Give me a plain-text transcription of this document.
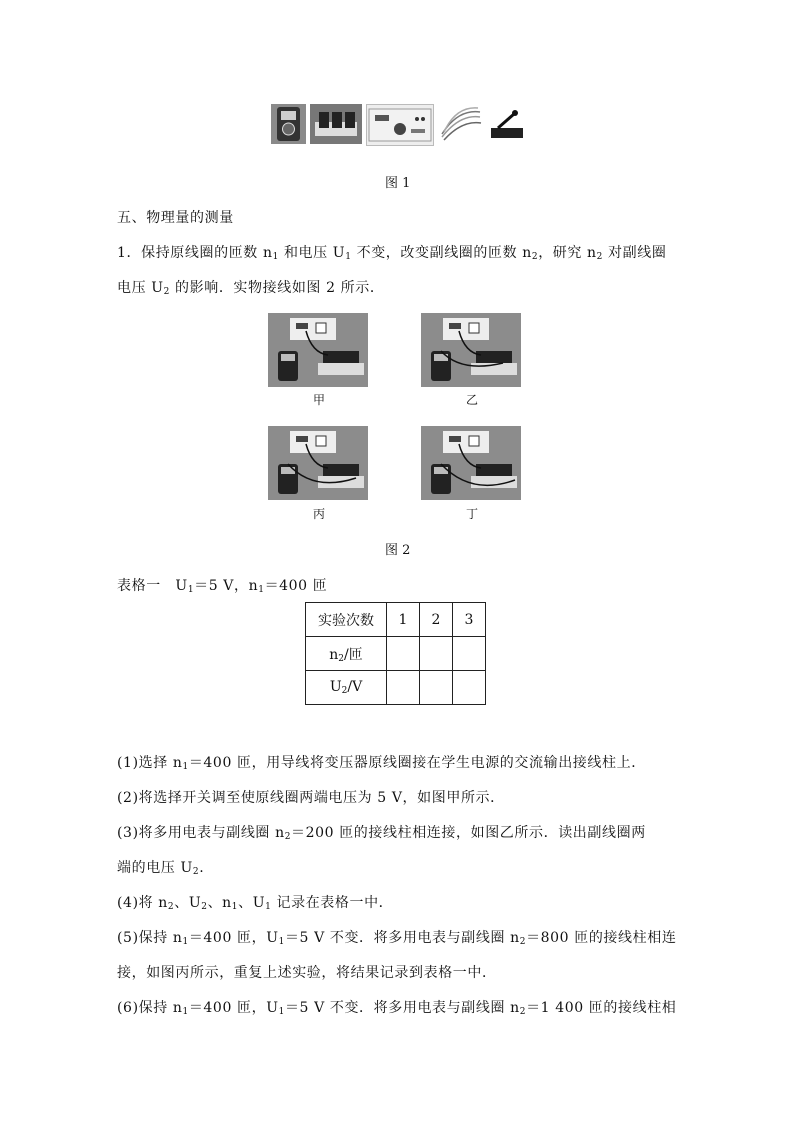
图 1
五、物理量的测量
1．保持原线圈的匝数 $n_1$ 和电压 $U_1$ 不变，改变副线圈的匝数 $n_2$，研究 $n_2$ 对副线圈
电压 $U_2$ 的影响．实物接线如图 2 所示．
甲	乙
丙	丁
图 2
表格一　$U_1=5$ V，$n_1=400$ 匝
实验次数	1	2	3
$n_2/$匝			
$U_2/V$			
(1)选择 $n_1=400$ 匝，用导线将变压器原线圈接在学生电源的交流输出接线柱上．
(2)将选择开关调至使原线圈两端电压为 5 V，如图甲所示．
(3)将多用电表与副线圈 $n_2=200$ 匝的接线柱相连接，如图乙所示．读出副线圈两
端的电压 $U_2$.
(4)将 $n_2$、$U_2$、$n_1$、$U_1$ 记录在表格一中．
(5)保持 $n_1=400$ 匝，$U_1=5$ V 不变．将多用电表与副线圈 $n_2=800$ 匝的接线柱相连
接，如图丙所示，重复上述实验，将结果记录到表格一中．
(6)保持 $n_1=400$ 匝，$U_1=5$ V 不变．将多用电表与副线圈 $n_2=1$ 400 匝的接线柱相
